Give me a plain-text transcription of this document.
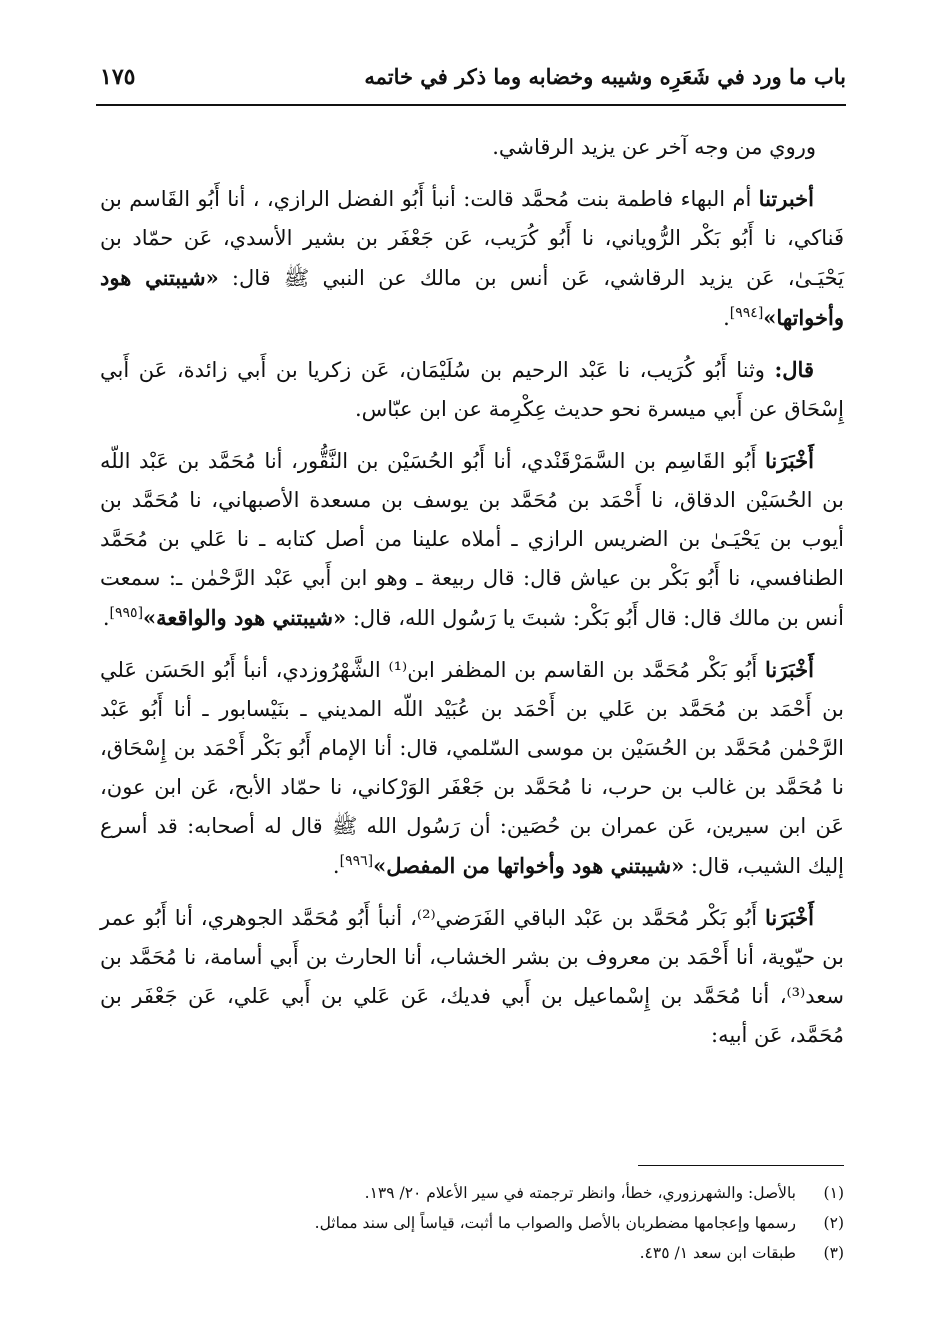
باب ما ورد في شَعَرِه وشيبه وخضابه وما ذكر في خاتمه
١٧٥

وروي من وجه آخر عن يزيد الرقاشي.

أخبرتنا أم البهاء فاطمة بنت مُحمَّد قالت: أنبأ أَبُو الفضل الرازي، ، أنا أَبُو القَاسم بن فَناكي، نا أَبُو بَكْر الرُّوياني، نا أَبُو كُرَيب، عَن جَعْفَر بن بشير الأسدي، عَن حمّاد بن يَحْيَـىٰ، عَن يزيد الرقاشي، عَن أنس بن مالك عن النبي ﷺ قال: «شيبتني هود وأخواتها»[٩٩٤].

قال: وثنا أَبُو كُرَيب، نا عَبْد الرحيم بن سُلَيْمَان، عَن زكريا بن أَبي زائدة، عَن أَبي إِسْحَاق عن أَبي ميسرة نحو حديث عِكْرِمة عن ابن عبّاس.

أَخْبَرَنا أَبُو القَاسِم بن السَّمَرْقَنْدي، أنا أَبُو الحُسَيْن بن النَّقُّور، أنا مُحَمَّد بن عَبْد اللّه بن الحُسَيْن الدقاق، نا أَحْمَد بن مُحَمَّد بن يوسف بن مسعدة الأصبهاني، نا مُحَمَّد بن أيوب بن يَحْيَـىٰ بن الضريس الرازي ـ أملاه علينا من أصل كتابه ـ نا عَلي بن مُحَمَّد الطنافسي، نا أَبُو بَكْر بن عياش قال: قال ربيعة ـ وهو ابن أَبي عَبْد الرَّحْمٰن ـ: سمعت أنس بن مالك قال: قال أَبُو بَكْر: شبتَ يا رَسُول الله، قال: «شيبتني هود والواقعة»[٩٩٥].

أَخْبَرَنا أَبُو بَكْر مُحَمَّد بن القاسم بن المظفر ابن⁽¹⁾ الشَّهْرُوزدي، أنبأ أَبُو الحَسَن عَلي بن أَحْمَد بن مُحَمَّد بن عَلي بن أَحْمَد بن عُبَيْد اللّه المديني ـ بنَيْسابور ـ أنا أَبُو عَبْد الرَّحْمٰن مُحَمَّد بن الحُسَيْن بن موسى السّلمي، قال: أنا الإمام أَبُو بَكْر أَحْمَد بن إِسْحَاق، نا مُحَمَّد بن غالب بن حرب، نا مُحَمَّد بن جَعْفَر الوَرْكاني، نا حمّاد الأبح، عَن ابن عون، عَن ابن سيرين، عَن عمران بن حُصَين: أن رَسُول الله ﷺ قال له أصحابه: قد أسرع إليك الشيب، قال: «شيبتني هود وأخواتها من المفصل»[٩٩٦].

أَخْبَرَنا أَبُو بَكْر مُحَمَّد بن عَبْد الباقي الفَرَضي⁽²⁾، أنبأ أَبُو مُحَمَّد الجوهري، أنا أَبُو عمر بن حيّوية، أنا أَحْمَد بن معروف بن بشر الخشاب، أنا الحارث بن أَبي أسامة، نا مُحَمَّد بن سعد⁽³⁾، أنا مُحَمَّد بن إِسْماعيل بن أَبي فديك، عَن عَلي بن أَبي عَلي، عَن جَعْفَر بن مُحَمَّد، عَن أبيه:

(١)
بالأصل: والشهرزوري، خطأ، وانظر ترجمته في سير الأعلام ٢٠/ ١٣٩.
(٢)
رسمها وإعجامها مضطربان بالأصل والصواب ما أثبت، قياساً إلى سند مماثل.
(٣)
طبقات ابن سعد ١/ ٤٣٥.
